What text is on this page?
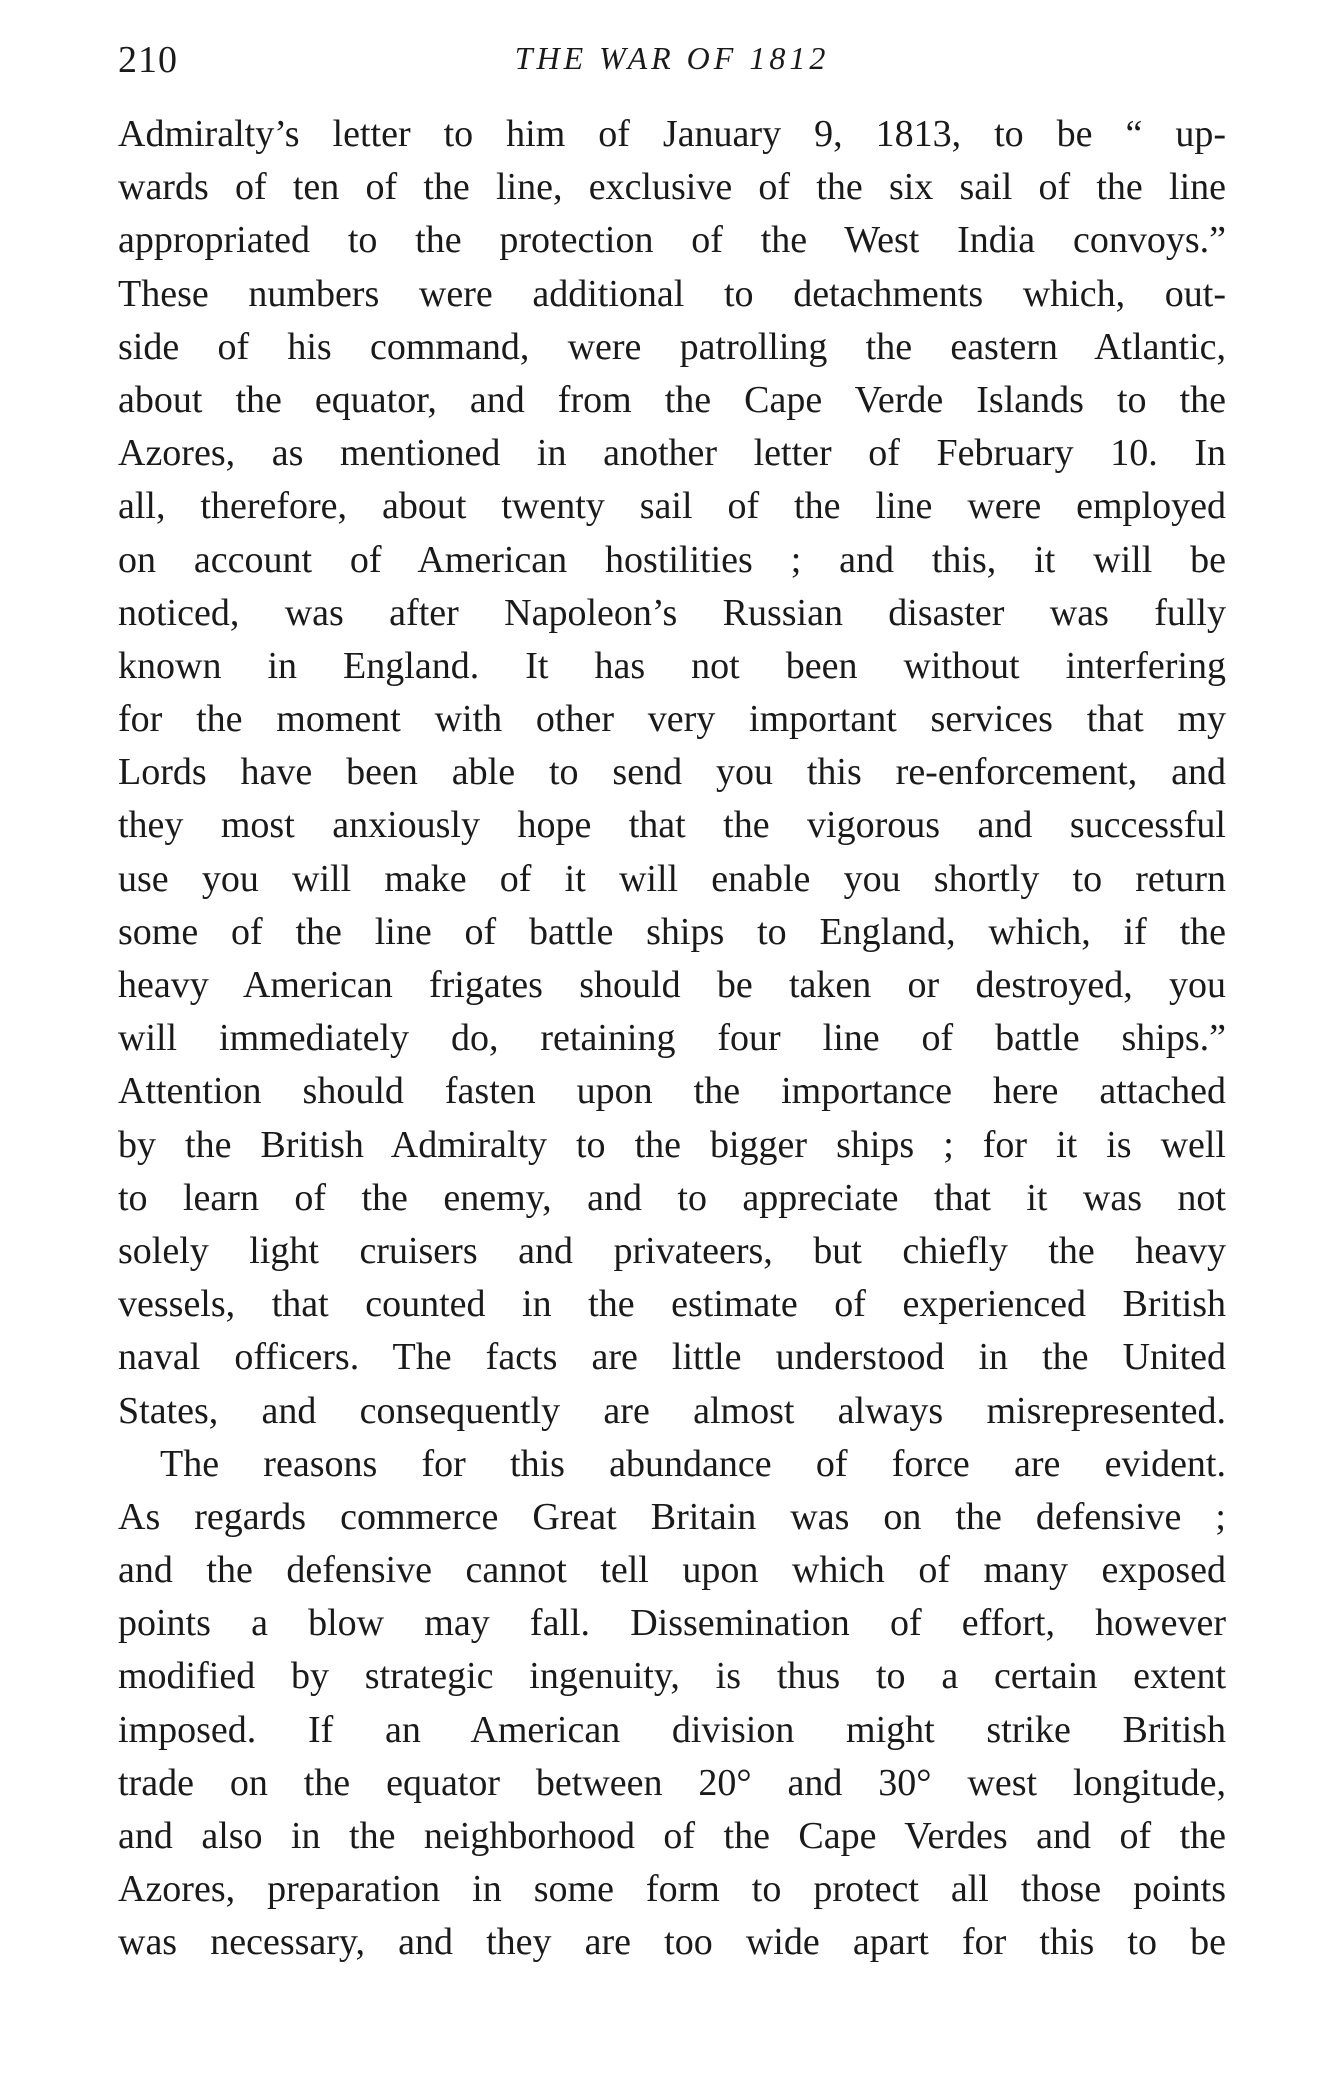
210	THE WAR OF 1812
Admiralty’s letter to him of January 9, 1813, to be “ up-
wards of ten of the line, exclusive of the six sail of the line
appropriated to the protection of the West India convoys.”
These numbers were additional to detachments which, out-
side of his command, were patrolling the eastern Atlantic,
about the equator, and from the Cape Verde Islands to the
Azores, as mentioned in another letter of February 10. In
all, therefore, about twenty sail of the line were employed
on account of American hostilities ; and this, it will be
noticed, was after Napoleon’s Russian disaster was fully
known in England. It has not been without interfering
for the moment with other very important services that my
Lords have been able to send you this re-enforcement, and
they most anxiously hope that the vigorous and successful
use you will make of it will enable you shortly to return
some of the line of battle ships to England, which, if the
heavy American frigates should be taken or destroyed, you
will immediately do, retaining four line of battle ships.”
Attention should fasten upon the importance here attached
by the British Admiralty to the bigger ships ; for it is well
to learn of the enemy, and to appreciate that it was not
solely light cruisers and privateers, but chiefly the heavy
vessels, that counted in the estimate of experienced British
naval officers. The facts are little understood in the United
States, and consequently are almost always misrepresented.
The reasons for this abundance of force are evident.
As regards commerce Great Britain was on the defensive ;
and the defensive cannot tell upon which of many exposed
points a blow may fall. Dissemination of effort, however
modified by strategic ingenuity, is thus to a certain extent
imposed. If an American division might strike British
trade on the equator between 20° and 30° west longitude,
and also in the neighborhood of the Cape Verdes and of the
Azores, preparation in some form to protect all those points
was necessary, and they are too wide apart for this to be
